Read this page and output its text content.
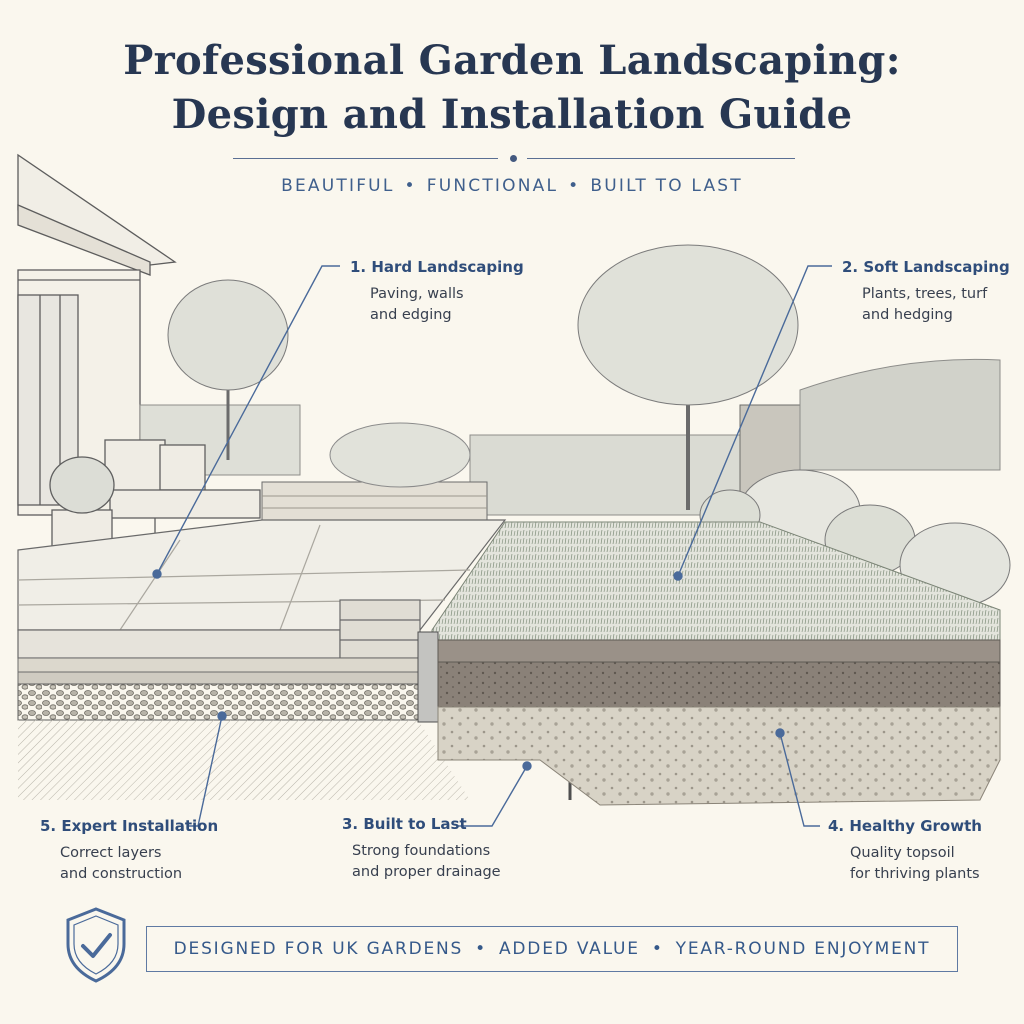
Professional Garden Landscaping:
Design and Installation Guide
BEAUTIFUL • FUNCTIONAL • BUILT TO LAST
1. Hard Landscaping
Paving, walls
and edging
2. Soft Landscaping
Plants, trees, turf
and hedging
3. Built to Last
Strong foundations
and proper drainage
4. Healthy Growth
Quality topsoil
for thriving plants
5. Expert Installation
Correct layers
and construction
DESIGNED FOR UK GARDENS • ADDED VALUE • YEAR-ROUND ENJOYMENT
